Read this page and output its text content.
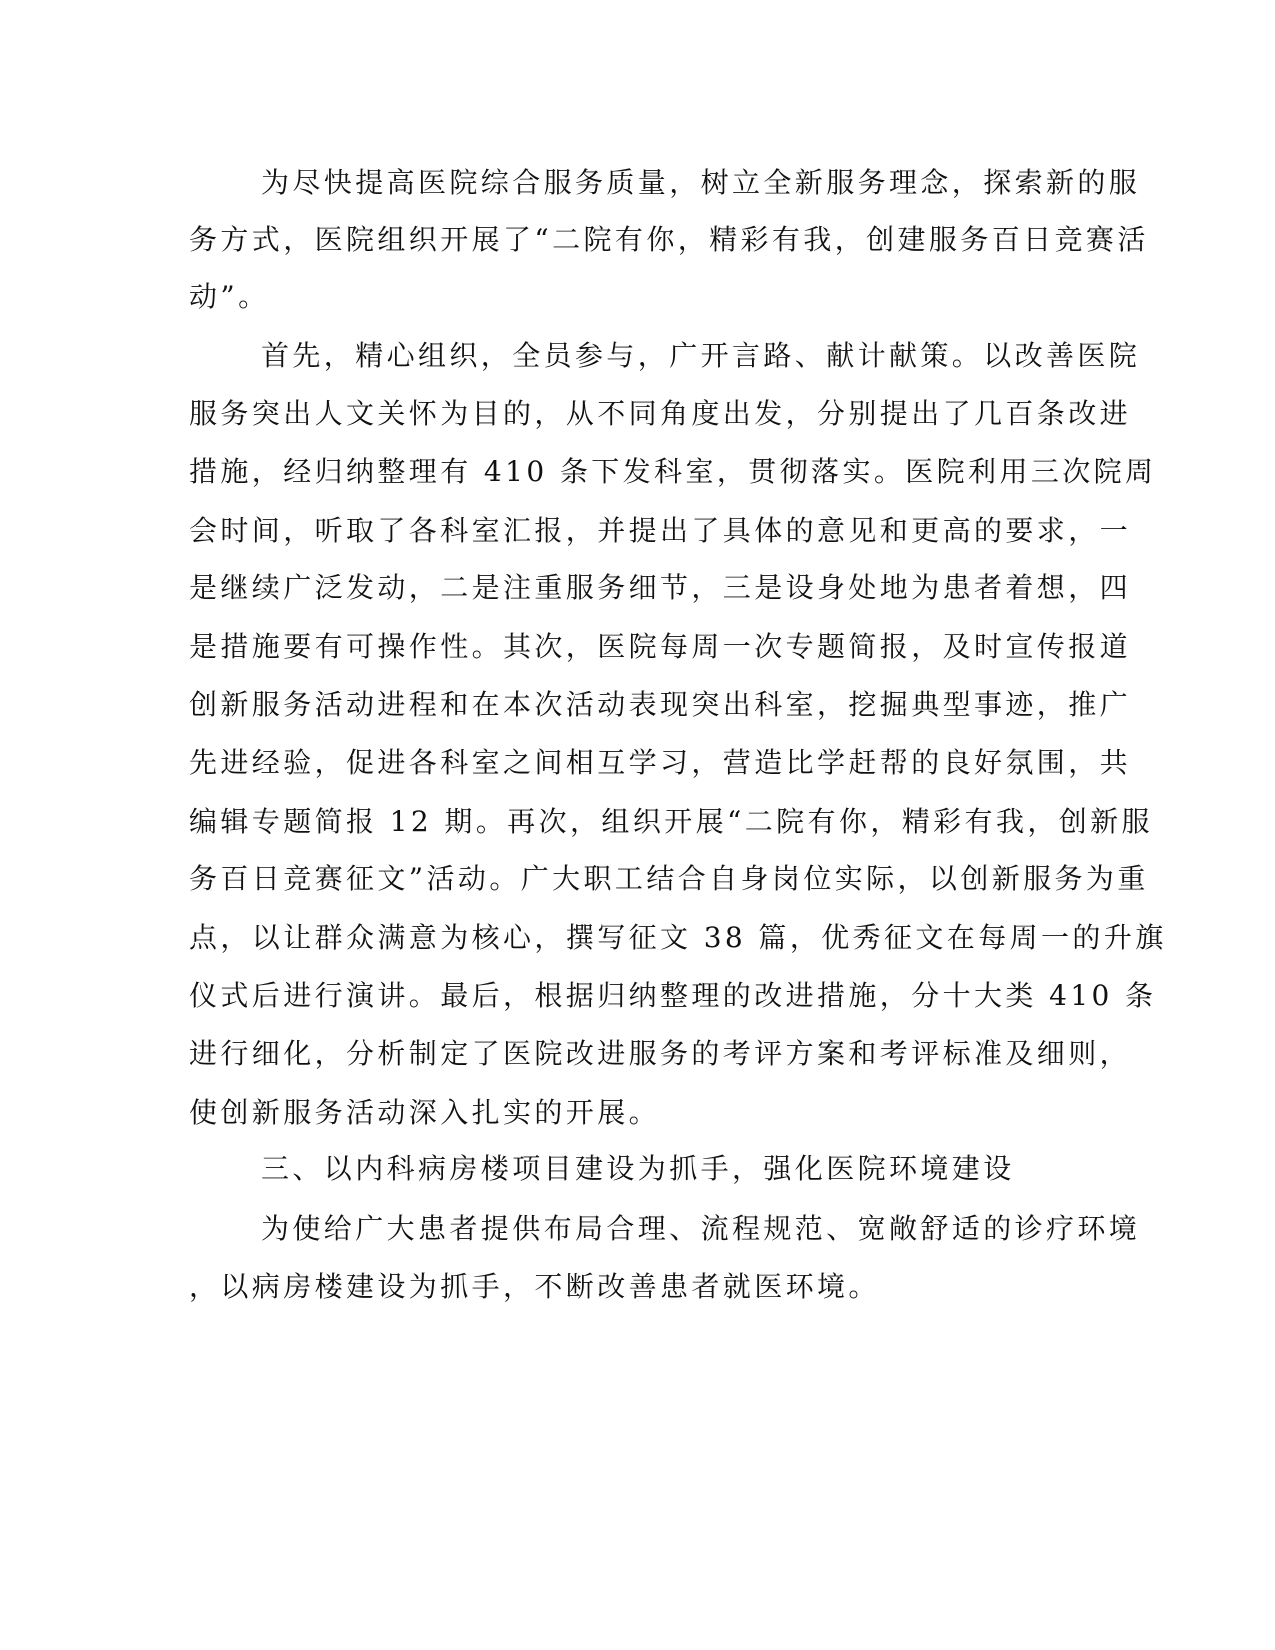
为尽快提高医院综合服务质量，树立全新服务理念，探索新的服

务方式，医院组织开展了“二院有你，精彩有我，创建服务百日竞赛活

动”。

首先，精心组织，全员参与，广开言路、献计献策。以改善医院

服务突出人文关怀为目的，从不同角度出发，分别提出了几百条改进

措施，经归纳整理有 410 条下发科室，贯彻落实。医院利用三次院周

会时间，听取了各科室汇报，并提出了具体的意见和更高的要求，一

是继续广泛发动，二是注重服务细节，三是设身处地为患者着想，四

是措施要有可操作性。其次，医院每周一次专题简报，及时宣传报道

创新服务活动进程和在本次活动表现突出科室，挖掘典型事迹，推广

先进经验，促进各科室之间相互学习，营造比学赶帮的良好氛围，共

编辑专题简报 12 期。再次，组织开展“二院有你，精彩有我，创新服

务百日竞赛征文”活动。广大职工结合自身岗位实际，以创新服务为重

点，以让群众满意为核心，撰写征文 38 篇，优秀征文在每周一的升旗

仪式后进行演讲。最后，根据归纳整理的改进措施，分十大类 410 条

进行细化，分析制定了医院改进服务的考评方案和考评标准及细则，

使创新服务活动深入扎实的开展。

三、以内科病房楼项目建设为抓手，强化医院环境建设

为使给广大患者提供布局合理、流程规范、宽敞舒适的诊疗环境

，以病房楼建设为抓手，不断改善患者就医环境。
